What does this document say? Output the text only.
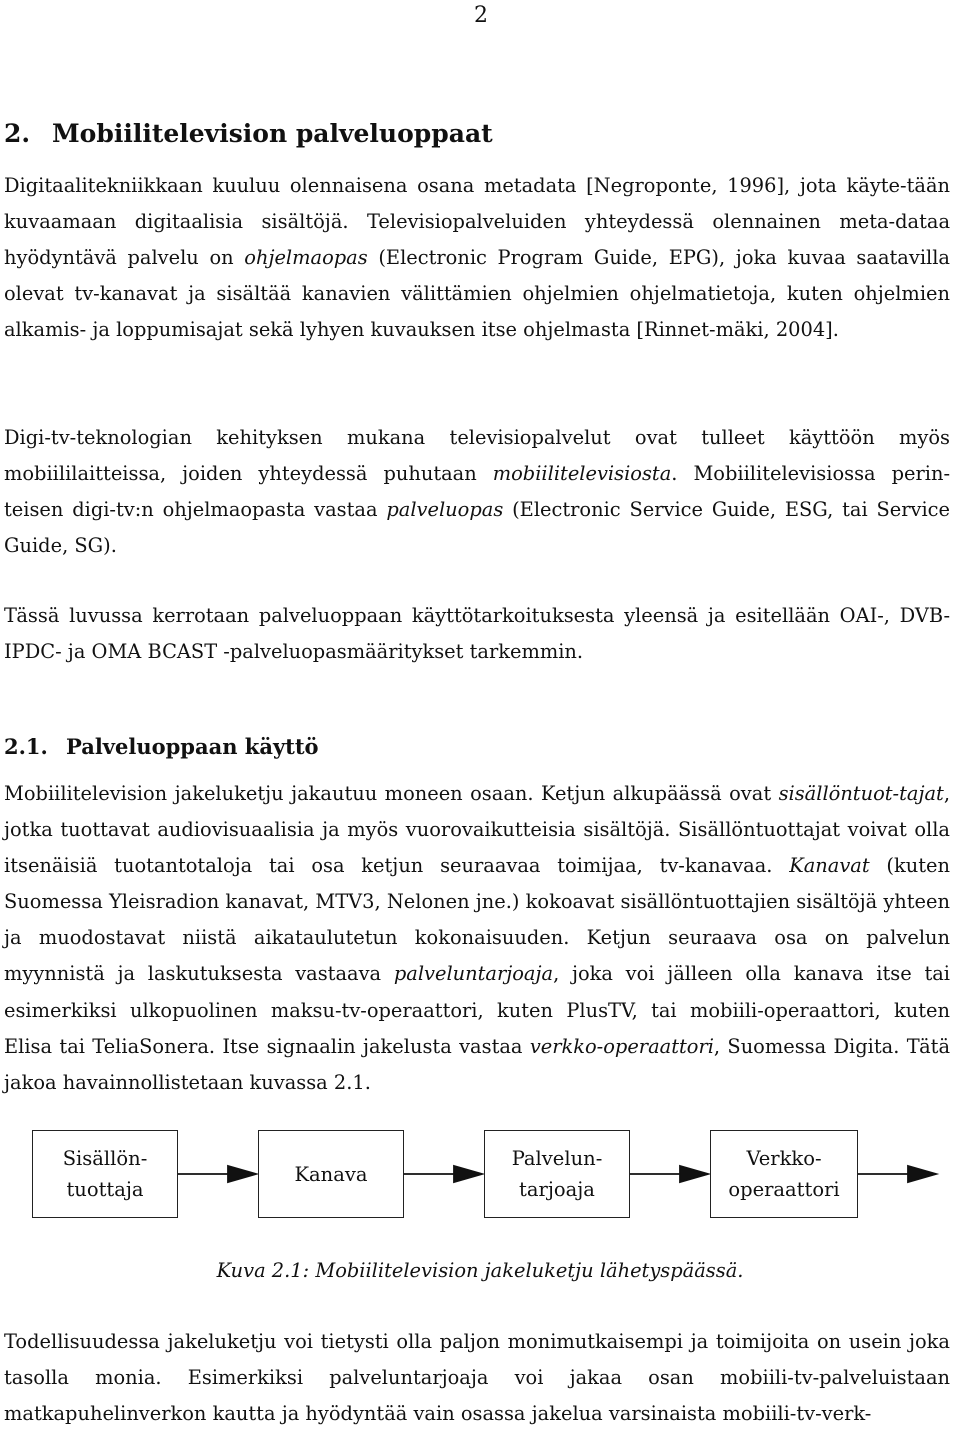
2
2. Mobiilitelevision palveluoppaat
Digitaalitekniikkaan kuuluu olennaisena osana metadata [Negroponte, 1996], jota käyte-tään kuvaamaan digitaalisia sisältöjä. Televisiopalveluiden yhteydessä olennainen meta-dataa hyödyntävä palvelu on ohjelmaopas (Electronic Program Guide, EPG), joka kuvaa saatavilla olevat tv-kanavat ja sisältää kanavien välittämien ohjelmien ohjelmatietoja, kuten ohjelmien alkamis- ja loppumisajat sekä lyhyen kuvauksen itse ohjelmasta [Rinnet-mäki, 2004].
Digi-tv-teknologian kehityksen mukana televisiopalvelut ovat tulleet käyttöön myös mobiililaitteissa, joiden yhteydessä puhutaan mobiilitelevisiosta. Mobiilitelevisiossa perin-teisen digi-tv:n ohjelmaopasta vastaa palveluopas (Electronic Service Guide, ESG, tai Service Guide, SG).
Tässä luvussa kerrotaan palveluoppaan käyttötarkoituksesta yleensä ja esitellään OAI-, DVB-IPDC- ja OMA BCAST -palveluopasmääritykset tarkemmin.
2.1. Palveluoppaan käyttö
Mobiilitelevision jakeluketju jakautuu moneen osaan. Ketjun alkupäässä ovat sisällöntuot-tajat, jotka tuottavat audiovisuaalisia ja myös vuorovaikutteisia sisältöjä. Sisällöntuottajat voivat olla itsenäisiä tuotantotaloja tai osa ketjun seuraavaa toimijaa, tv-kanavaa. Kanavat (kuten Suomessa Yleisradion kanavat, MTV3, Nelonen jne.) kokoavat sisällöntuottajien sisältöjä yhteen ja muodostavat niistä aikataulutetun kokonaisuuden. Ketjun seuraava osa on palvelun myynnistä ja laskutuksesta vastaava palveluntarjoaja, joka voi jälleen olla kanava itse tai esimerkiksi ulkopuolinen maksu-tv-operaattori, kuten PlusTV, tai mobiili-operaattori, kuten Elisa tai TeliaSonera. Itse signaalin jakelusta vastaa verkko-operaattori, Suomessa Digita. Tätä jakoa havainnollistetaan kuvassa 2.1.
Sisällön-
tuottaja
Kanava
Palvelun-
tarjoaja
Verkko-
operaattori
Kuva 2.1: Mobiilitelevision jakeluketju lähetyspäässä.
Todellisuudessa jakeluketju voi tietysti olla paljon monimutkaisempi ja toimijoita on usein joka tasolla monia. Esimerkiksi palveluntarjoaja voi jakaa osan mobiili-tv-palveluistaan matkapuhelinverkon kautta ja hyödyntää vain osassa jakelua varsinaista mobiili-tv-verk-
